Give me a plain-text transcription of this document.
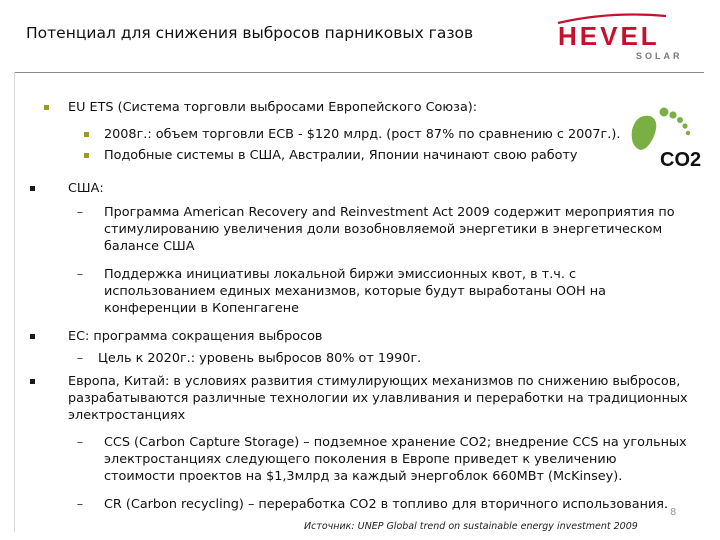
Потенциал для снижения выбросов парниковых газов	HEVEL
SOLAR
CO2
EU ETS (Система торговли выбросами Европейского Союза):
2008г.: объем торговли ЕСВ - $120 млрд. (рост 87% по сравнению с 2007г.).
Подобные системы в США, Австралии, Японии начинают свою работу
США:
– Программа American Recovery and Reinvestment Act 2009 содержит мероприятия по
стимулированию увеличения доли возобновляемой энергетики в энергетическом
балансе США
– Поддержка инициативы локальной биржи эмиссионных квот, в т.ч. с
использованием единых механизмов, которые будут выработаны ООН на
конференции в Копенгагене
ЕС: программа сокращения выбросов
– Цель к 2020г.: уровень выбросов 80% от 1990г.
Европа, Китай: в условиях развития стимулирующих механизмов по снижению выбросов,
разрабатываются различные технологии их улавливания и переработки на традиционных
электростанциях
– CCS (Carbon Capture Storage) – подземное хранение CO2; внедрение CCS на угольных
электростанциях следующего поколения в Европе приведет к увеличению
стоимости проектов на $1,3млрд за каждый энергоблок 660МВт (McKinsey).
– CR (Carbon recycling) – переработка CO2 в топливо для вторичного использования.
8
Источник: UNEP Global trend on sustainable energy investment 2009
